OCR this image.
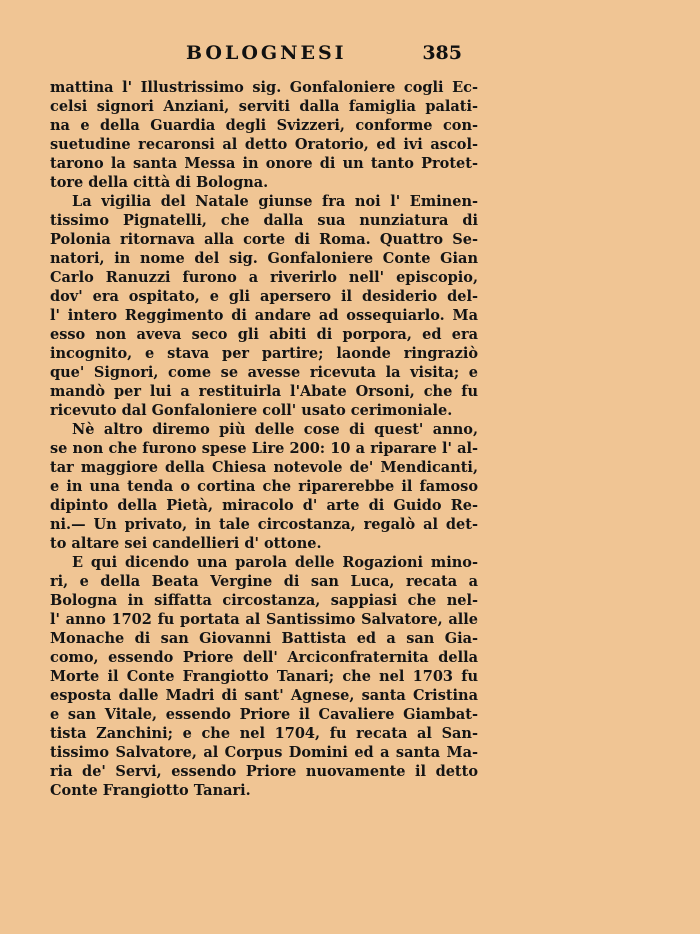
BOLOGNESI	385
mattina l' Illustrissimo sig. Gonfaloniere cogli Ec-
celsi signori Anziani, serviti dalla famiglia palati-
na e della Guardia degli Svizzeri, conforme con-
suetudine recaronsi al detto Oratorio, ed ivi ascol-
tarono la santa Messa in onore di un tanto Protet-
tore della città di Bologna.
La vigilia del Natale giunse fra noi l' Eminen-
tissimo Pignatelli, che dalla sua nunziatura di
Polonia ritornava alla corte di Roma. Quattro Se-
natori, in nome del sig. Gonfaloniere Conte Gian
Carlo Ranuzzi furono a riverirlo nell' episcopio,
dov' era ospitato, e gli apersero il desiderio del-
l' intero Reggimento di andare ad ossequiarlo. Ma
esso non aveva seco gli abiti di porpora, ed era
incognito, e stava per partire; laonde ringraziò
que' Signori, come se avesse ricevuta la visita; e
mandò per lui a restituirla l'Abate Orsoni, che fu
ricevuto dal Gonfaloniere coll' usato cerimoniale.
Nè altro diremo più delle cose di quest' anno,
se non che furono spese Lire 200: 10 a riparare l' al-
tar maggiore della Chiesa notevole de' Mendicanti,
e in una tenda o cortina che riparerebbe il famoso
dipinto della Pietà, miracolo d' arte di Guido Re-
ni.— Un privato, in tale circostanza, regalò al det-
to altare sei candellieri d' ottone.
E qui dicendo una parola delle Rogazioni mino-
ri, e della Beata Vergine di san Luca, recata a
Bologna in siffatta circostanza, sappiasi che nel-
l' anno 1702 fu portata al Santissimo Salvatore, alle
Monache di san Giovanni Battista ed a san Gia-
como, essendo Priore dell' Arciconfraternita della
Morte il Conte Frangiotto Tanari; che nel 1703 fu
esposta dalle Madri di sant' Agnese, santa Cristina
e san Vitale, essendo Priore il Cavaliere Giambat-
tista Zanchini; e che nel 1704, fu recata al San-
tissimo Salvatore, al Corpus Domini ed a santa Ma-
ria de' Servi, essendo Priore nuovamente il detto
Conte Frangiotto Tanari.
